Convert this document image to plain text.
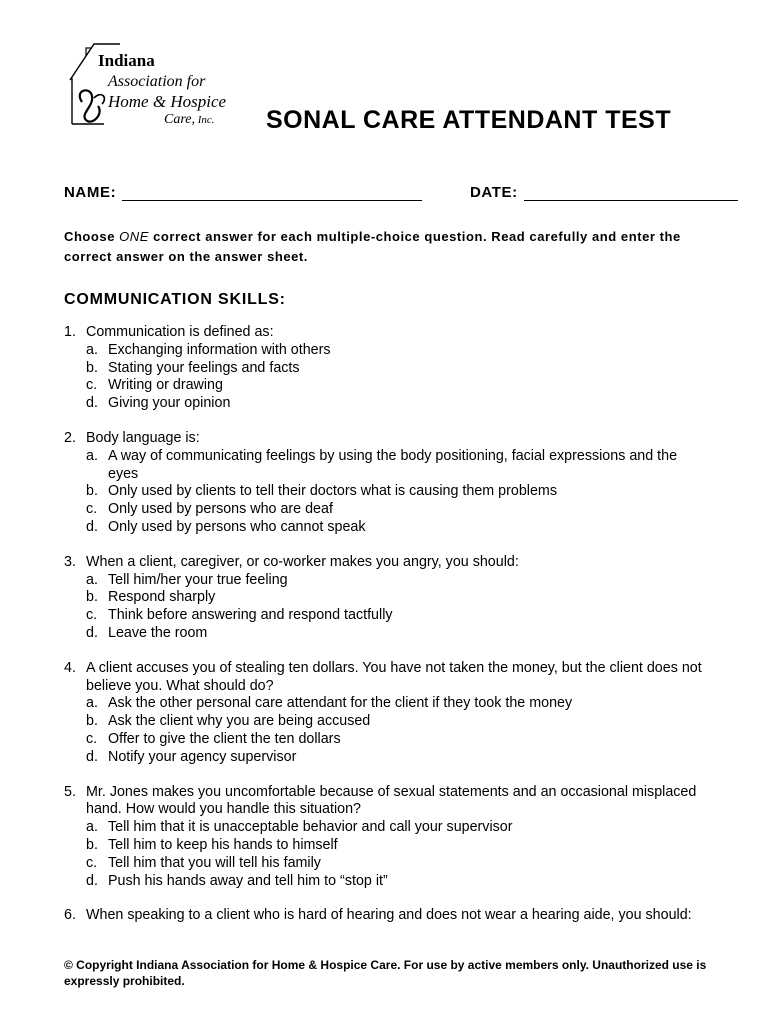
Indiana
Association for
Home & Hospice
Care, Inc. SONAL CARE ATTENDANT TEST
NAME:	DATE:
Choose ONE correct answer for each multiple-choice question. Read carefully and enter the correct answer on the answer sheet.
COMMUNICATION SKILLS:
1. Communication is defined as:
a. Exchanging information with others
b. Stating your feelings and facts
c. Writing or drawing
d. Giving your opinion
2. Body language is:
a. A way of communicating feelings by using the body positioning, facial expressions and the eyes
b. Only used by clients to tell their doctors what is causing them problems
c. Only used by persons who are deaf
d. Only used by persons who cannot speak
3. When a client, caregiver, or co-worker makes you angry, you should:
a. Tell him/her your true feeling
b. Respond sharply
c. Think before answering and respond tactfully
d. Leave the room
4. A client accuses you of stealing ten dollars. You have not taken the money, but the client does not believe you. What should do?
a. Ask the other personal care attendant for the client if they took the money
b. Ask the client why you are being accused
c. Offer to give the client the ten dollars
d. Notify your agency supervisor
5. Mr. Jones makes you uncomfortable because of sexual statements and an occasional misplaced hand. How would you handle this situation?
a. Tell him that it is unacceptable behavior and call your supervisor
b. Tell him to keep his hands to himself
c. Tell him that you will tell his family
d. Push his hands away and tell him to “stop it”
6. When speaking to a client who is hard of hearing and does not wear a hearing aide, you should:
© Copyright Indiana Association for Home & Hospice Care. For use by active members only. Unauthorized use is expressly prohibited.
